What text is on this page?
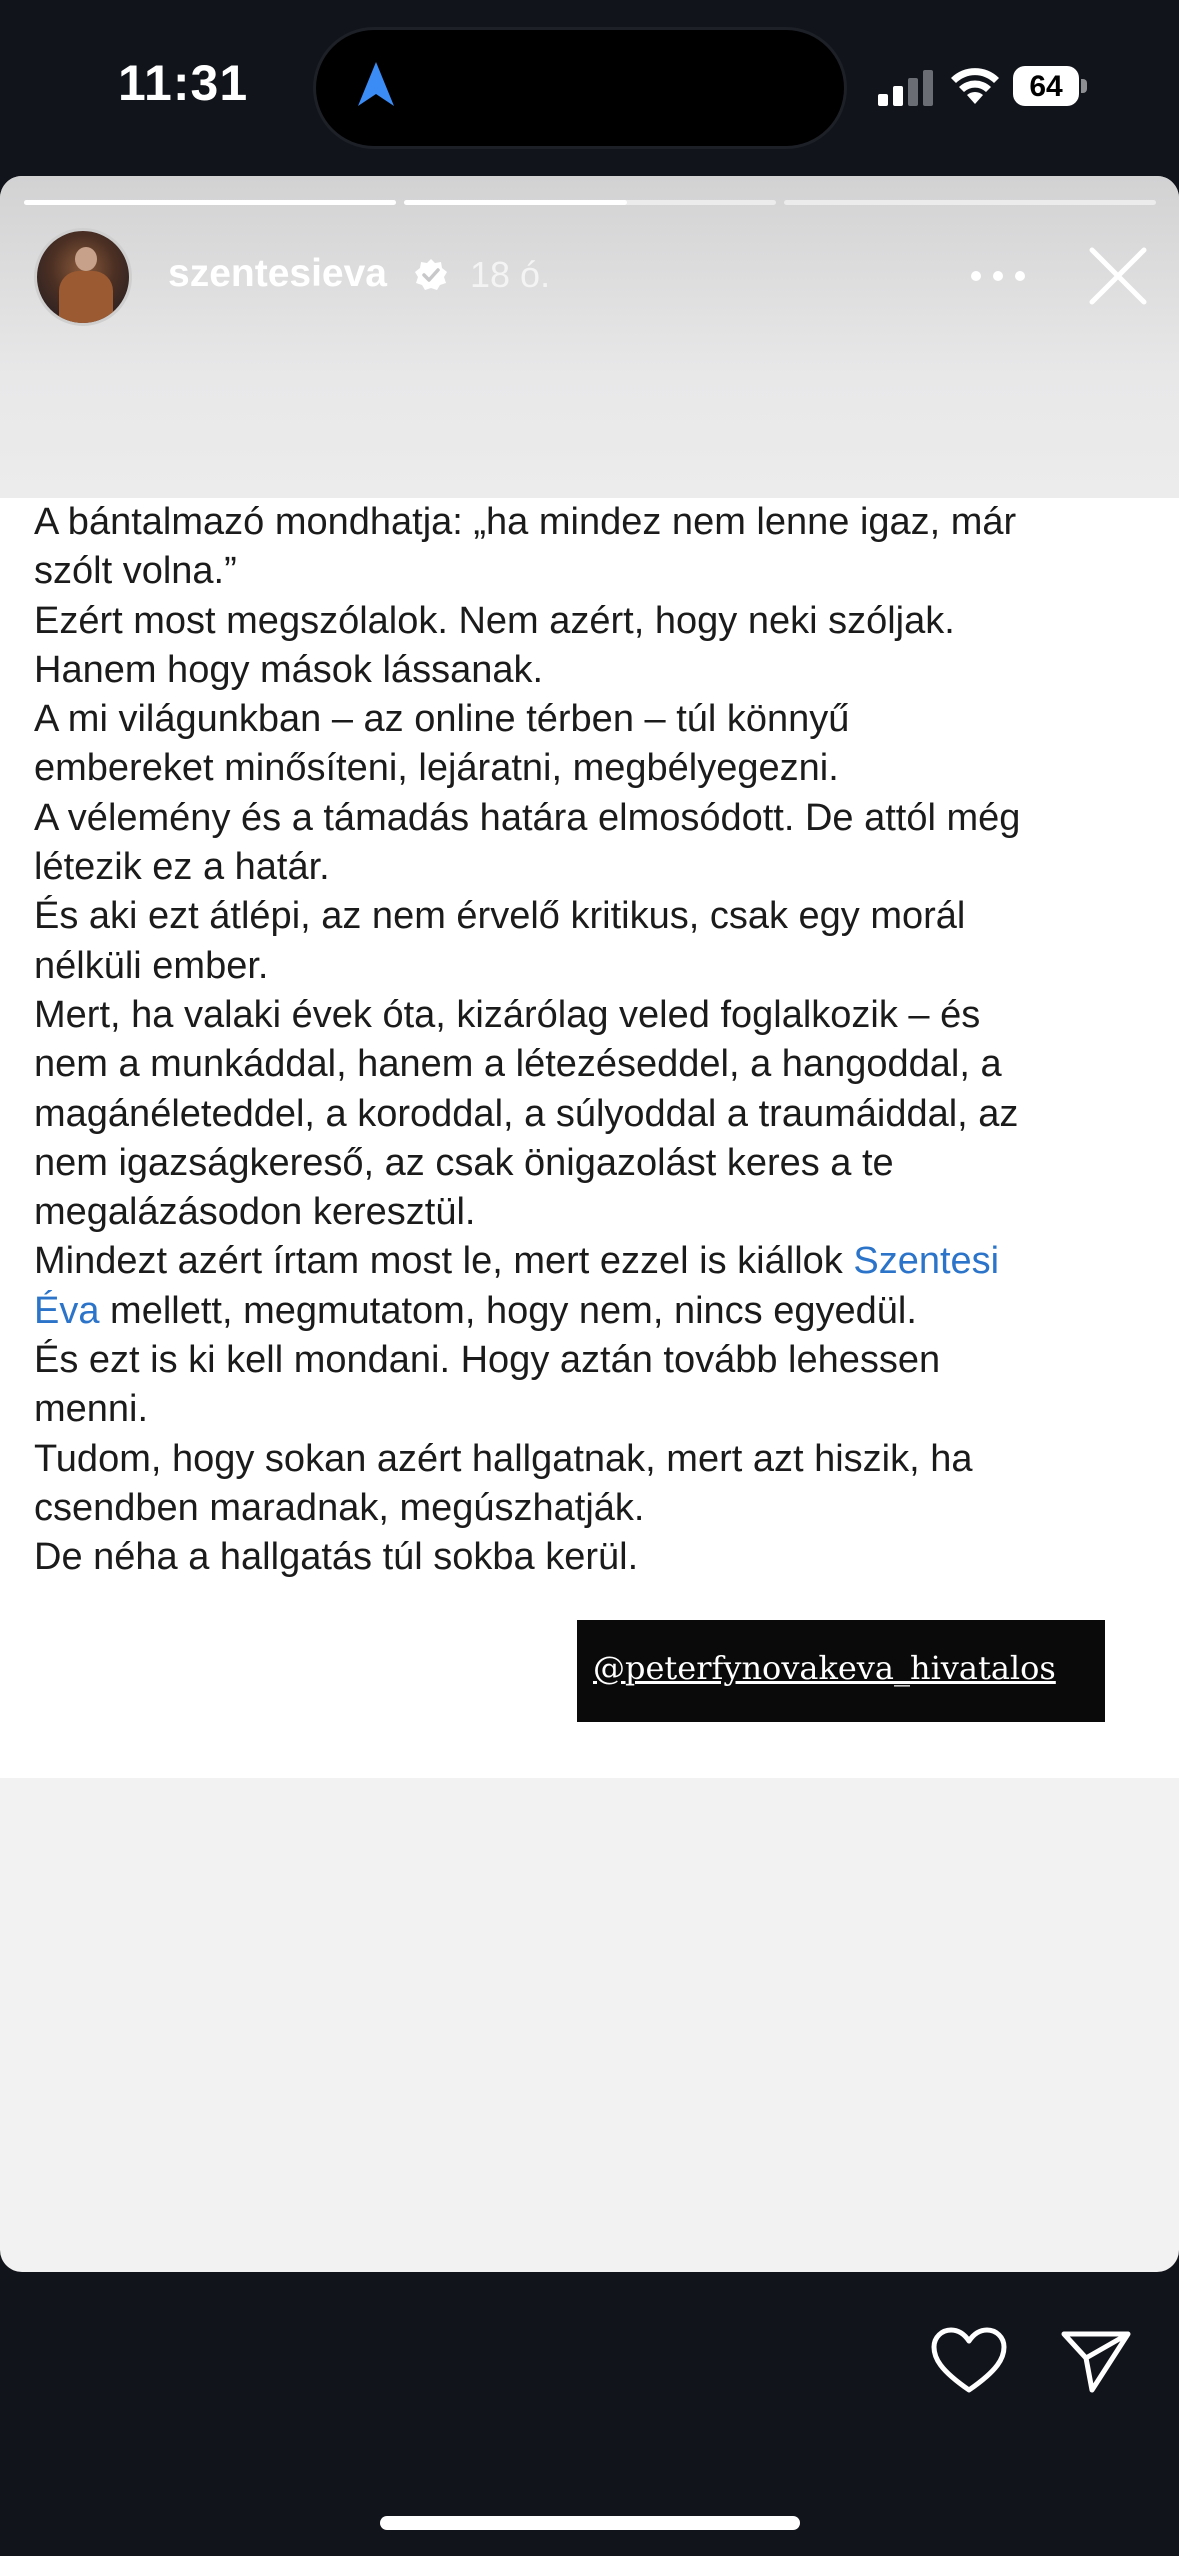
11:31	64
szentesieva 18 ó.
A bántalmazó mondhatja: „ha mindez nem lenne igaz, már
szólt volna.”
Ezért most megszólalok. Nem azért, hogy neki szóljak.
Hanem hogy mások lássanak.
A mi világunkban – az online térben – túl könnyű
embereket minősíteni, lejáratni, megbélyegezni.
A vélemény és a támadás határa elmosódott. De attól még
létezik ez a határ.
És aki ezt átlépi, az nem érvelő kritikus, csak egy morál
nélküli ember.
Mert, ha valaki évek óta, kizárólag veled foglalkozik – és
nem a munkáddal, hanem a létezéseddel, a hangoddal, a
magánéleteddel, a koroddal, a súlyoddal a traumáiddal, az
nem igazságkereső, az csak önigazolást keres a te
megalázásodon keresztül.
Mindezt azért írtam most le, mert ezzel is kiállok Szentesi
Éva mellett, megmutatom, hogy nem, nincs egyedül.
És ezt is ki kell mondani. Hogy aztán tovább lehessen
menni.
Tudom, hogy sokan azért hallgatnak, mert azt hiszik, ha
csendben maradnak, megúszhatják.
De néha a hallgatás túl sokba kerül.
@peterfynovakeva_hivatalos
